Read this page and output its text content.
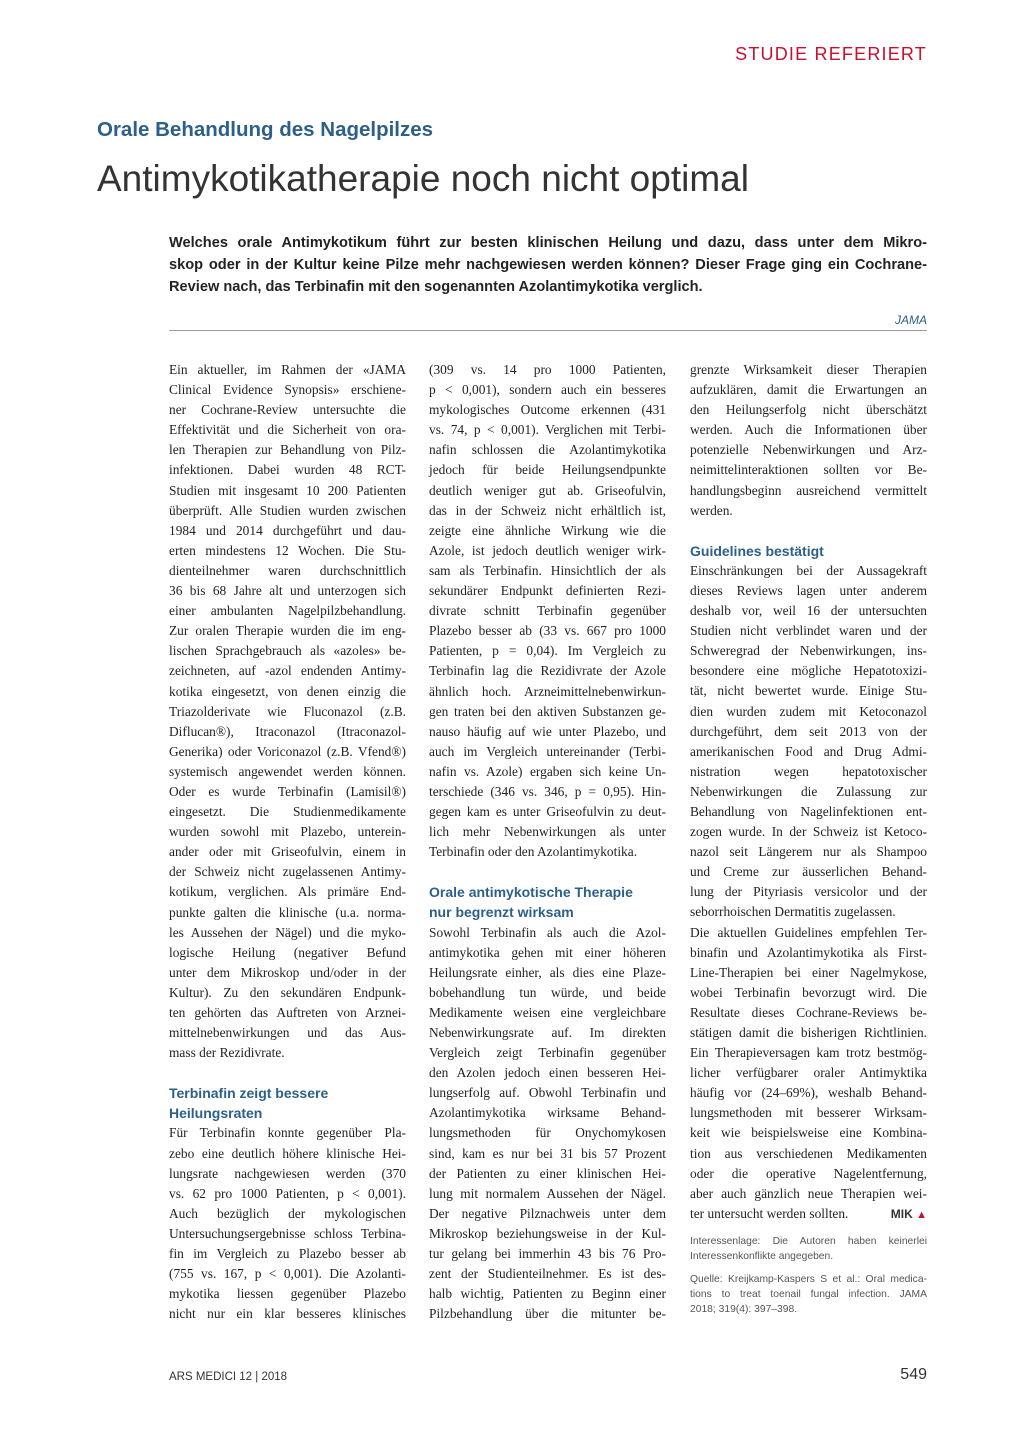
STUDIE REFERIERT
Orale Behandlung des Nagelpilzes
Antimykotikatherapie noch nicht optimal
Welches orale Antimykotikum führt zur besten klinischen Heilung und dazu, dass unter dem Mikro-
skop oder in der Kultur keine Pilze mehr nachgewiesen werden können? Dieser Frage ging ein Cochrane-
Review nach, das Terbinafin mit den sogenannten Azolantimykotika verglich.
JAMA

Ein aktueller, im Rahmen der «JAMA
Clinical Evidence Synopsis» erschiene-
ner Cochrane-Review untersuchte die
Effektivität und die Sicherheit von ora-
len Therapien zur Behandlung von Pilz-
infektionen. Dabei wurden 48 RCT-
Studien mit insgesamt 10 200 Patienten
überprüft. Alle Studien wurden zwischen
1984 und 2014 durchgeführt und dau-
erten mindestens 12 Wochen. Die Stu-
dienteilnehmer waren durchschnittlich
36 bis 68 Jahre alt und unterzogen sich
einer ambulanten Nagelpilzbehandlung.
Zur oralen Therapie wurden die im eng-
lischen Sprachgebrauch als «azoles» be-
zeichneten, auf -azol endenden Antimy-
kotika eingesetzt, von denen einzig die
Triazolderivate wie Fluconazol (z.B.
Diflucan®), Itraconazol (Itraconazol-
Generika) oder Voriconazol (z.B. Vfend®)
systemisch angewendet werden können.
Oder es wurde Terbinafin (Lamisil®)
eingesetzt. Die Studienmedikamente
wurden sowohl mit Plazebo, unterein-
ander oder mit Griseofulvin, einem in
der Schweiz nicht zugelassenen Antimy-
kotikum, verglichen. Als primäre End-
punkte galten die klinische (u.a. norma-
les Aussehen der Nägel) und die myko-
logische Heilung (negativer Befund
unter dem Mikroskop und/oder in der
Kultur). Zu den sekundären Endpunk-
ten gehörten das Auftreten von Arznei-
mittelnebenwirkungen und das Aus-
mass der Rezidivrate.

Terbinafin zeigt bessere
Heilungsraten

Für Terbinafin konnte gegenüber Pla-
zebo eine deutlich höhere klinische Hei-
lungsrate nachgewiesen werden (370
vs. 62 pro 1000 Patienten, p < 0,001).
Auch bezüglich der mykologischen
Untersuchungsergebnisse schloss Terbina-
fin im Vergleich zu Plazebo besser ab
(755 vs. 167, p < 0,001). Die Azolanti-
mykotika liessen gegenüber Plazebo
nicht nur ein klar besseres klinisches

(309 vs. 14 pro 1000 Patienten,
p < 0,001), sondern auch ein besseres
mykologisches Outcome erkennen (431
vs. 74, p < 0,001). Verglichen mit Terbi-
nafin schlossen die Azolantimykotika
jedoch für beide Heilungsendpunkte
deutlich weniger gut ab. Griseofulvin,
das in der Schweiz nicht erhältlich ist,
zeigte eine ähnliche Wirkung wie die
Azole, ist jedoch deutlich weniger wirk-
sam als Terbinafin. Hinsichtlich der als
sekundärer Endpunkt definierten Rezi-
divrate schnitt Terbinafin gegenüber
Plazebo besser ab (33 vs. 667 pro 1000
Patienten, p = 0,04). Im Vergleich zu
Terbinafin lag die Rezidivrate der Azole
ähnlich hoch. Arzneimittelnebenwirkun-
gen traten bei den aktiven Substanzen ge-
nauso häufig auf wie unter Plazebo, und
auch im Vergleich untereinander (Terbi-
nafin vs. Azole) ergaben sich keine Un-
terschiede (346 vs. 346, p = 0,95). Hin-
gegen kam es unter Griseofulvin zu deut-
lich mehr Nebenwirkungen als unter
Terbinafin oder den Azolantimykotika.

Orale antimykotische Therapie
nur begrenzt wirksam

Sowohl Terbinafin als auch die Azol-
antimykotika gehen mit einer höheren
Heilungsrate einher, als dies eine Plaze-
bobehandlung tun würde, und beide
Medikamente weisen eine vergleichbare
Nebenwirkungsrate auf. Im direkten
Vergleich zeigt Terbinafin gegenüber
den Azolen jedoch einen besseren Hei-
lungserfolg auf. Obwohl Terbinafin und
Azolantimykotika wirksame Behand-
lungsmethoden für Onychomykosen
sind, kam es nur bei 31 bis 57 Prozent
der Patienten zu einer klinischen Hei-
lung mit normalem Aussehen der Nägel.
Der negative Pilznachweis unter dem
Mikroskop beziehungsweise in der Kul-
tur gelang bei immerhin 43 bis 76 Pro-
zent der Studienteilnehmer. Es ist des-
halb wichtig, Patienten zu Beginn einer
Pilzbehandlung über die mitunter be-

grenzte Wirksamkeit dieser Therapien
aufzuklären, damit die Erwartungen an
den Heilungserfolg nicht überschätzt
werden. Auch die Informationen über
potenzielle Nebenwirkungen und Arz-
neimittelinteraktionen sollten vor Be-
handlungsbeginn ausreichend vermittelt
werden.

Guidelines bestätigt

Einschränkungen bei der Aussagekraft
dieses Reviews lagen unter anderem
deshalb vor, weil 16 der untersuchten
Studien nicht verblindet waren und der
Schweregrad der Nebenwirkungen, ins-
besondere eine mögliche Hepatotoxizi-
tät, nicht bewertet wurde. Einige Stu-
dien wurden zudem mit Ketoconazol
durchgeführt, dem seit 2013 von der
amerikanischen Food and Drug Admi-
nistration wegen hepatotoxischer
Nebenwirkungen die Zulassung zur
Behandlung von Nagelinfektionen ent-
zogen wurde. In der Schweiz ist Ketoco-
nazol seit Längerem nur als Shampoo
und Creme zur äusserlichen Behand-
lung der Pityriasis versicolor und der
seborrhoischen Dermatitis zugelassen.

Die aktuellen Guidelines empfehlen Ter-
binafin und Azolantimykotika als First-
Line-Therapien bei einer Nagelmykose,
wobei Terbinafin bevorzugt wird. Die
Resultate dieses Cochrane-Reviews be-
stätigen damit die bisherigen Richtlinien.
Ein Therapieversagen kam trotz bestmög-
licher verfügbarer oraler Antimyktika
häufig vor (24–69%), weshalb Behand-
lungsmethoden mit besserer Wirksam-
keit wie beispielsweise eine Kombina-
tion aus verschiedenen Medikamenten
oder die operative Nagelentfernung,
aber auch gänzlich neue Therapien wei-
ter untersucht werden sollten.	MIK ▲

Interessenlage: Die Autoren haben keinerlei
Interessenkonflikte angegeben.
Quelle: Kreijkamp-Kaspers S et al.: Oral medica-
tions to treat toenail fungal infection. JAMA
2018; 319(4): 397–398.
ARS MEDICI 12 | 2018	549
